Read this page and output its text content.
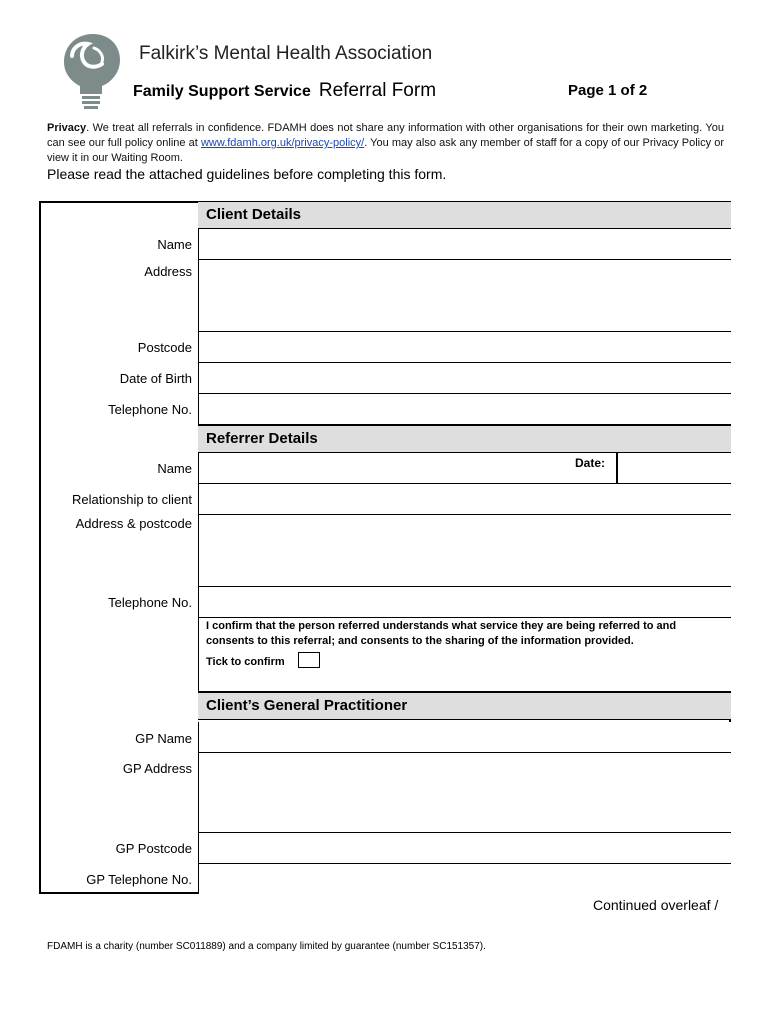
Falkirk’s Mental Health Association
Family Support Service Referral Form	Page 1 of 2
Privacy. We treat all referrals in confidence. FDAMH does not share any information with other organisations for their own marketing. You can see our full policy online at www.fdamh.org.uk/privacy-policy/. You may also ask any member of staff for a copy of our Privacy Policy or view it in our Waiting Room.
Please read the attached guidelines before completing this form.
Client Details
Name
Address
Postcode
Date of Birth
Telephone No.
Referrer Details
Name	Date:
Relationship to client
Address & postcode
Telephone No.
I confirm that the person referred understands what service they are being referred to and consents to this referral; and consents to the sharing of the information provided.
Tick to confirm
Client’s General Practitioner
GP Name
GP Address
GP Postcode
GP Telephone No.
Continued overleaf /
FDAMH is a charity (number SC011889) and a company limited by guarantee (number SC151357).
